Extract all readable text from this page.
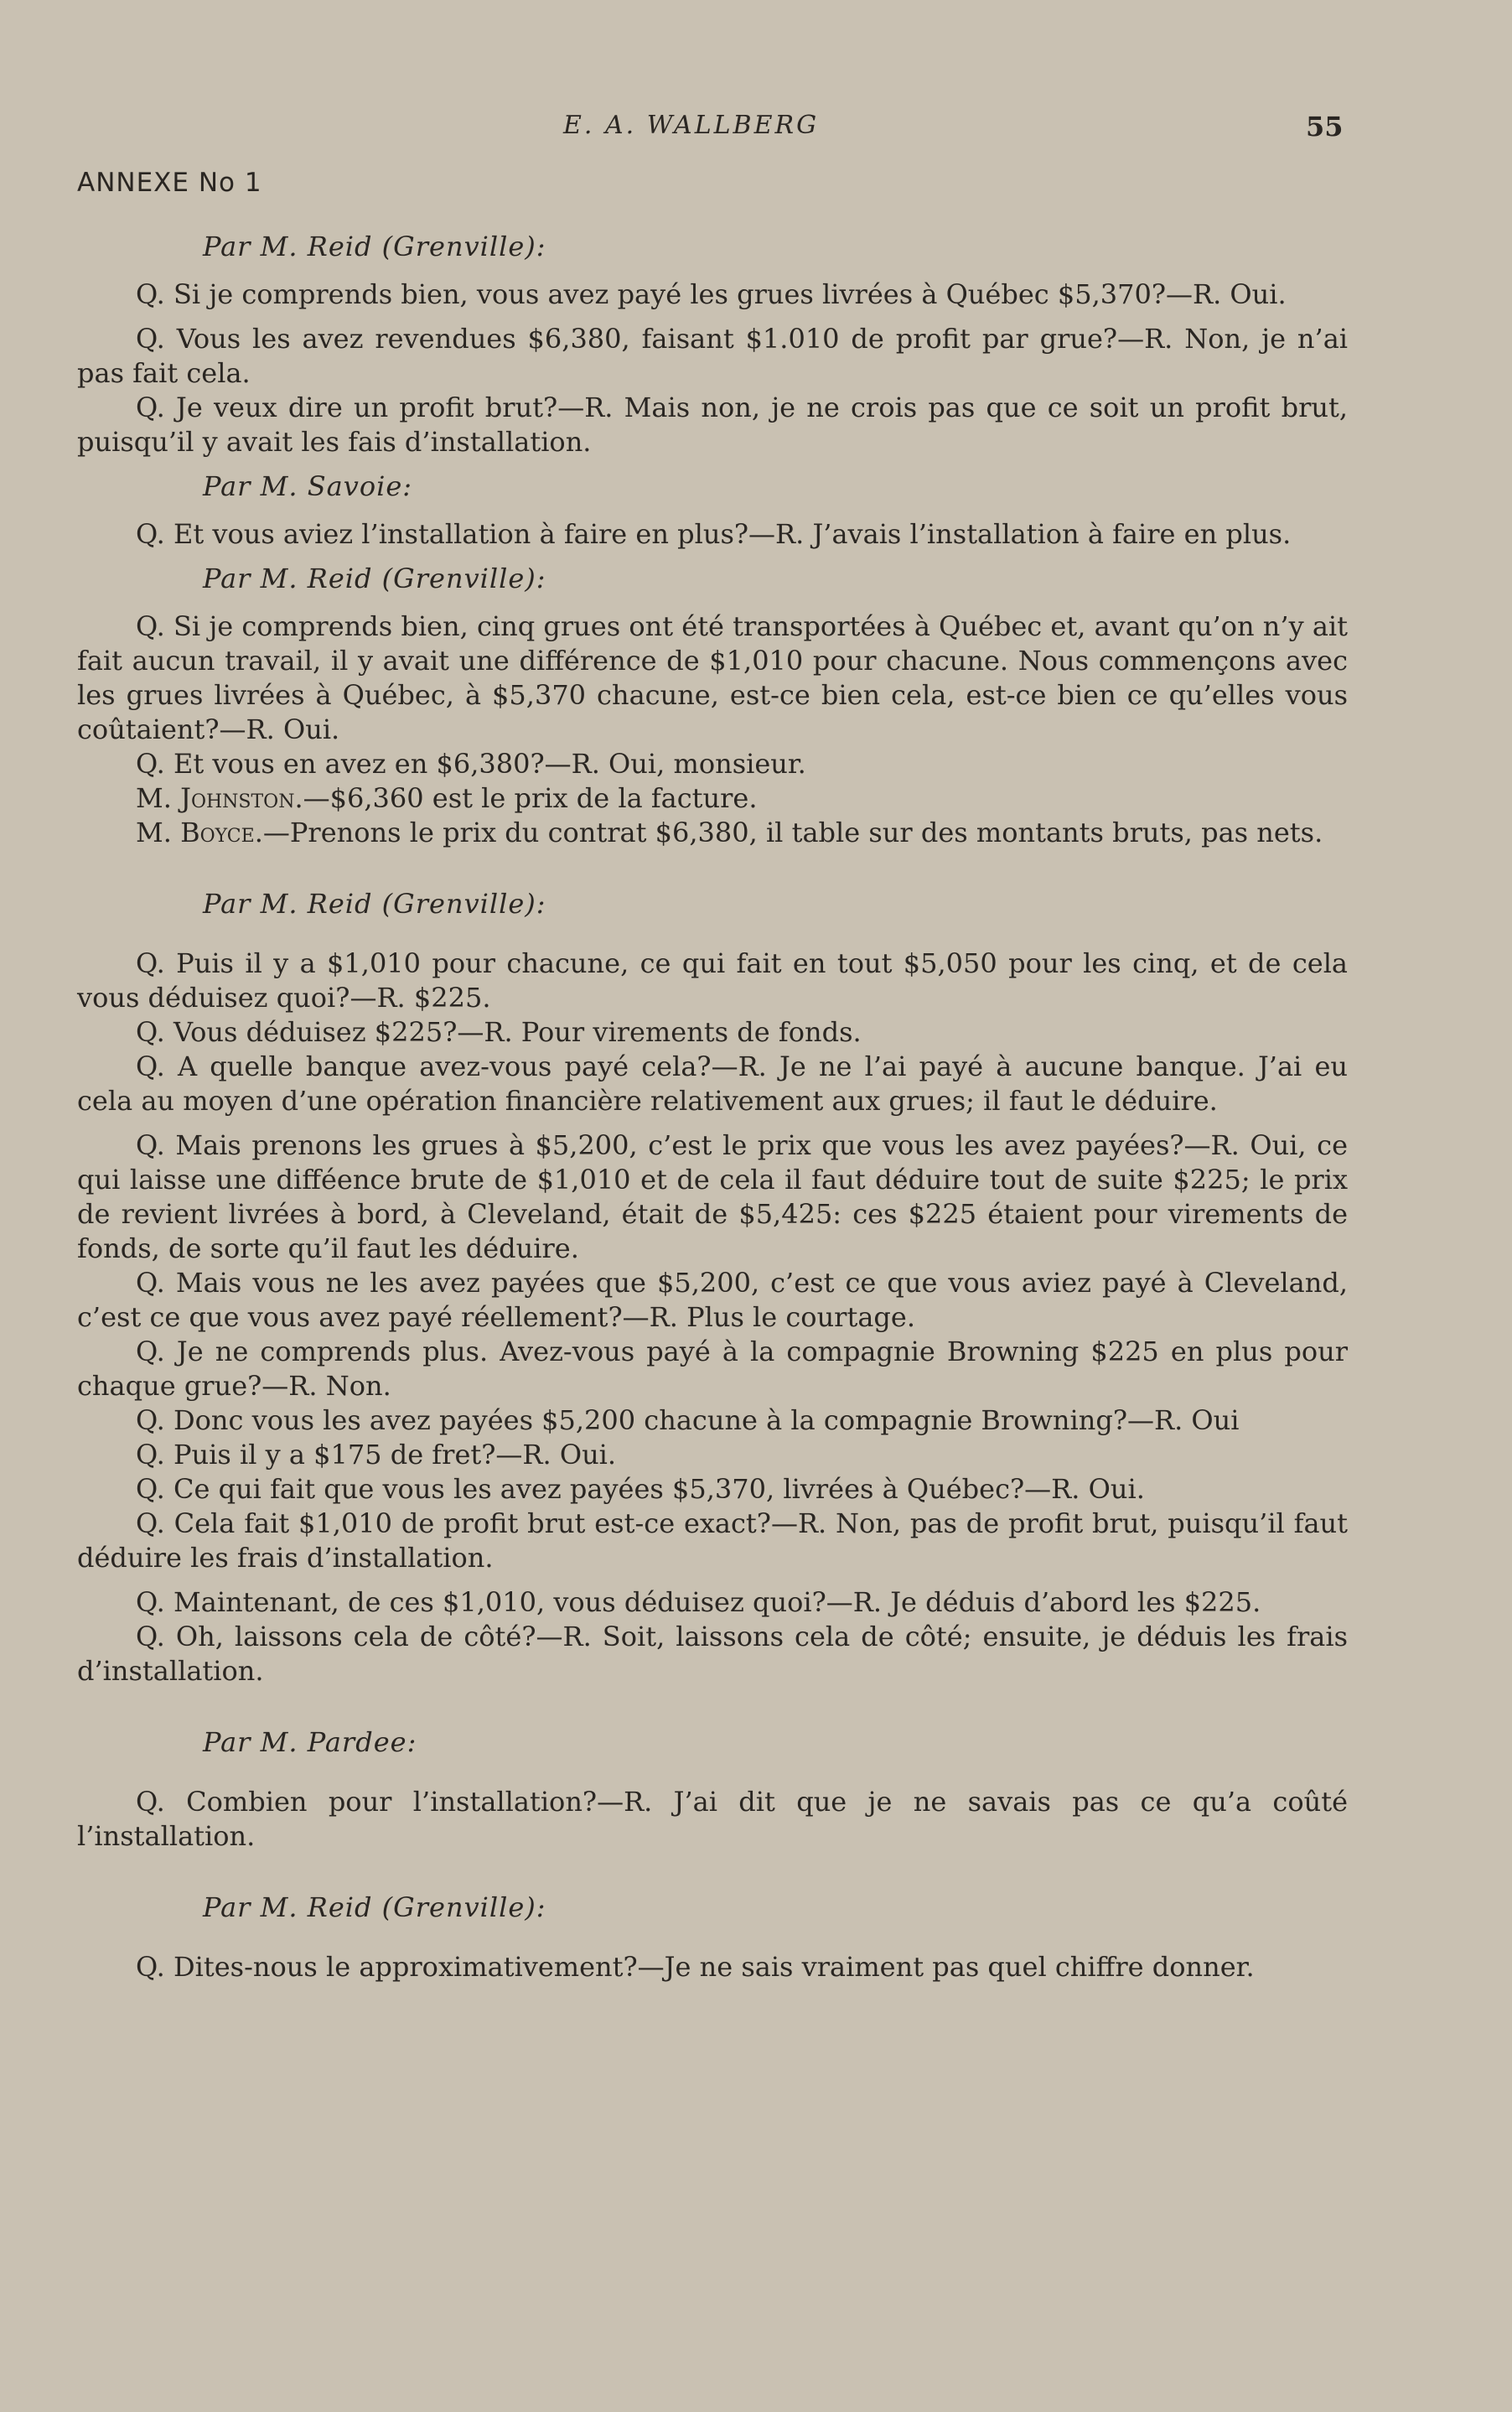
E. A. WALLBERG	55
ANNEXE No 1

Par M. Reid (Grenville):

Q. Si je comprends bien, vous avez payé les grues livrées à Québec $5,370?—R. Oui.

Q. Vous les avez revendues $6,380, faisant $1.010 de profit par grue?—R. Non, je n’ai pas fait cela.

Q. Je veux dire un profit brut?—R. Mais non, je ne crois pas que ce soit un profit brut, puisqu’il y avait les fais d’installation.

Par M. Savoie:

Q. Et vous aviez l’installation à faire en plus?—R. J’avais l’installation à faire en plus.

Par M. Reid (Grenville):

Q. Si je comprends bien, cinq grues ont été transportées à Québec et, avant qu’on n’y ait fait aucun travail, il y avait une différence de $1,010 pour chacune. Nous commençons avec les grues livrées à Québec, à $5,370 chacune, est-ce bien cela, est-ce bien ce qu’elles vous coûtaient?—R. Oui.

Q. Et vous en avez en $6,380?—R. Oui, monsieur.

M. Johnston.—$6,360 est le prix de la facture.

M. Boyce.—Prenons le prix du contrat $6,380, il table sur des montants bruts, pas nets.

Par M. Reid (Grenville):

Q. Puis il y a $1,010 pour chacune, ce qui fait en tout $5,050 pour les cinq, et de cela vous déduisez quoi?—R. $225.

Q. Vous déduisez $225?—R. Pour virements de fonds.

Q. A quelle banque avez-vous payé cela?—R. Je ne l’ai payé à aucune banque. J’ai eu cela au moyen d’une opération financière relativement aux grues; il faut le déduire.

Q. Mais prenons les grues à $5,200, c’est le prix que vous les avez payées?—R. Oui, ce qui laisse une difféence brute de $1,010 et de cela il faut déduire tout de suite $225; le prix de revient livrées à bord, à Cleveland, était de $5,425: ces $225 étaient pour virements de fonds, de sorte qu’il faut les déduire.

Q. Mais vous ne les avez payées que $5,200, c’est ce que vous aviez payé à Cleveland, c’est ce que vous avez payé réellement?—R. Plus le courtage.

Q. Je ne comprends plus. Avez-vous payé à la compagnie Browning $225 en plus pour chaque grue?—R. Non.

Q. Donc vous les avez payées $5,200 chacune à la compagnie Browning?—R. Oui

Q. Puis il y a $175 de fret?—R. Oui.

Q. Ce qui fait que vous les avez payées $5,370, livrées à Québec?—R. Oui.

Q. Cela fait $1,010 de profit brut est-ce exact?—R. Non, pas de profit brut, puisqu’il faut déduire les frais d’installation.

Q. Maintenant, de ces $1,010, vous déduisez quoi?—R. Je déduis d’abord les $225.

Q. Oh, laissons cela de côté?—R. Soit, laissons cela de côté; ensuite, je déduis les frais d’installation.

Par M. Pardee:

Q. Combien pour l’installation?—R. J’ai dit que je ne savais pas ce qu’a coûté l’installation.

Par M. Reid (Grenville):

Q. Dites-nous le approximativement?—Je ne sais vraiment pas quel chiffre donner.
